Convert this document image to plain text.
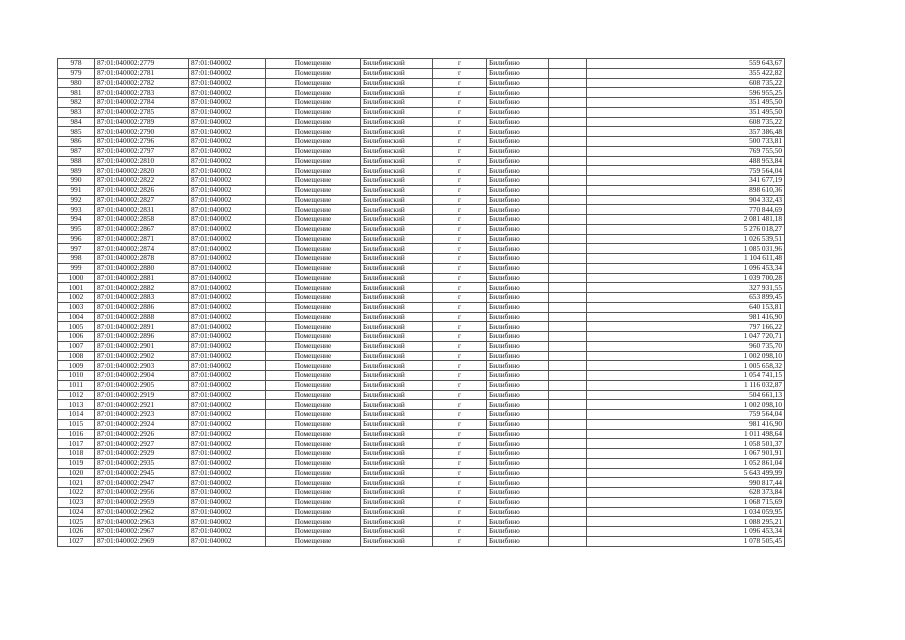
978	87:01:040002:2779	87:01:040002	Помещение	Билибинский	г	Билибино		559 643,67
979	87:01:040002:2781	87:01:040002	Помещение	Билибинский	г	Билибино		355 422,82
980	87:01:040002:2782	87:01:040002	Помещение	Билибинский	г	Билибино		608 735,22
981	87:01:040002:2783	87:01:040002	Помещение	Билибинский	г	Билибино		596 955,25
982	87:01:040002:2784	87:01:040002	Помещение	Билибинский	г	Билибино		351 495,50
983	87:01:040002:2785	87:01:040002	Помещение	Билибинский	г	Билибино		351 495,50
984	87:01:040002:2789	87:01:040002	Помещение	Билибинский	г	Билибино		608 735,22
985	87:01:040002:2790	87:01:040002	Помещение	Билибинский	г	Билибино		357 386,48
986	87:01:040002:2796	87:01:040002	Помещение	Билибинский	г	Билибино		500 733,81
987	87:01:040002:2797	87:01:040002	Помещение	Билибинский	г	Билибино		769 755,50
988	87:01:040002:2810	87:01:040002	Помещение	Билибинский	г	Билибино		488 953,84
989	87:01:040002:2820	87:01:040002	Помещение	Билибинский	г	Билибино		759 564,04
990	87:01:040002:2822	87:01:040002	Помещение	Билибинский	г	Билибино		341 677,19
991	87:01:040002:2826	87:01:040002	Помещение	Билибинский	г	Билибино		898 610,36
992	87:01:040002:2827	87:01:040002	Помещение	Билибинский	г	Билибино		904 332,43
993	87:01:040002:2831	87:01:040002	Помещение	Билибинский	г	Билибино		770 844,69
994	87:01:040002:2858	87:01:040002	Помещение	Билибинский	г	Билибино		2 081 481,18
995	87:01:040002:2867	87:01:040002	Помещение	Билибинский	г	Билибино		5 276 018,27
996	87:01:040002:2871	87:01:040002	Помещение	Билибинский	г	Билибино		1 026 539,51
997	87:01:040002:2874	87:01:040002	Помещение	Билибинский	г	Билибино		1 085 031,96
998	87:01:040002:2878	87:01:040002	Помещение	Билибинский	г	Билибино		1 104 611,48
999	87:01:040002:2880	87:01:040002	Помещение	Билибинский	г	Билибино		1 096 453,34
1000	87:01:040002:2881	87:01:040002	Помещение	Билибинский	г	Билибино		1 039 700,28
1001	87:01:040002:2882	87:01:040002	Помещение	Билибинский	г	Билибино		327 931,55
1002	87:01:040002:2883	87:01:040002	Помещение	Билибинский	г	Билибино		653 899,45
1003	87:01:040002:2886	87:01:040002	Помещение	Билибинский	г	Билибино		640 153,81
1004	87:01:040002:2888	87:01:040002	Помещение	Билибинский	г	Билибино		981 416,90
1005	87:01:040002:2891	87:01:040002	Помещение	Билибинский	г	Билибино		797 166,22
1006	87:01:040002:2896	87:01:040002	Помещение	Билибинский	г	Билибино		1 047 720,71
1007	87:01:040002:2901	87:01:040002	Помещение	Билибинский	г	Билибино		960 735,70
1008	87:01:040002:2902	87:01:040002	Помещение	Билибинский	г	Билибино		1 002 098,10
1009	87:01:040002:2903	87:01:040002	Помещение	Билибинский	г	Билибино		1 005 658,32
1010	87:01:040002:2904	87:01:040002	Помещение	Билибинский	г	Билибино		1 054 741,15
1011	87:01:040002:2905	87:01:040002	Помещение	Билибинский	г	Билибино		1 116 032,87
1012	87:01:040002:2919	87:01:040002	Помещение	Билибинский	г	Билибино		504 661,13
1013	87:01:040002:2921	87:01:040002	Помещение	Билибинский	г	Билибино		1 002 098,10
1014	87:01:040002:2923	87:01:040002	Помещение	Билибинский	г	Билибино		759 564,04
1015	87:01:040002:2924	87:01:040002	Помещение	Билибинский	г	Билибино		981 416,90
1016	87:01:040002:2926	87:01:040002	Помещение	Билибинский	г	Билибино		1 011 498,64
1017	87:01:040002:2927	87:01:040002	Помещение	Билибинский	г	Билибино		1 058 501,37
1018	87:01:040002:2929	87:01:040002	Помещение	Билибинский	г	Билибино		1 067 901,91
1019	87:01:040002:2935	87:01:040002	Помещение	Билибинский	г	Билибино		1 052 861,04
1020	87:01:040002:2945	87:01:040002	Помещение	Билибинский	г	Билибино		5 643 499,99
1021	87:01:040002:2947	87:01:040002	Помещение	Билибинский	г	Билибино		990 817,44
1022	87:01:040002:2956	87:01:040002	Помещение	Билибинский	г	Билибино		628 373,84
1023	87:01:040002:2959	87:01:040002	Помещение	Билибинский	г	Билибино		1 068 715,69
1024	87:01:040002:2962	87:01:040002	Помещение	Билибинский	г	Билибино		1 034 059,95
1025	87:01:040002:2963	87:01:040002	Помещение	Билибинский	г	Билибино		1 088 295,21
1026	87:01:040002:2967	87:01:040002	Помещение	Билибинский	г	Билибино		1 096 453,34
1027	87:01:040002:2969	87:01:040002	Помещение	Билибинский	г	Билибино		1 078 505,45
